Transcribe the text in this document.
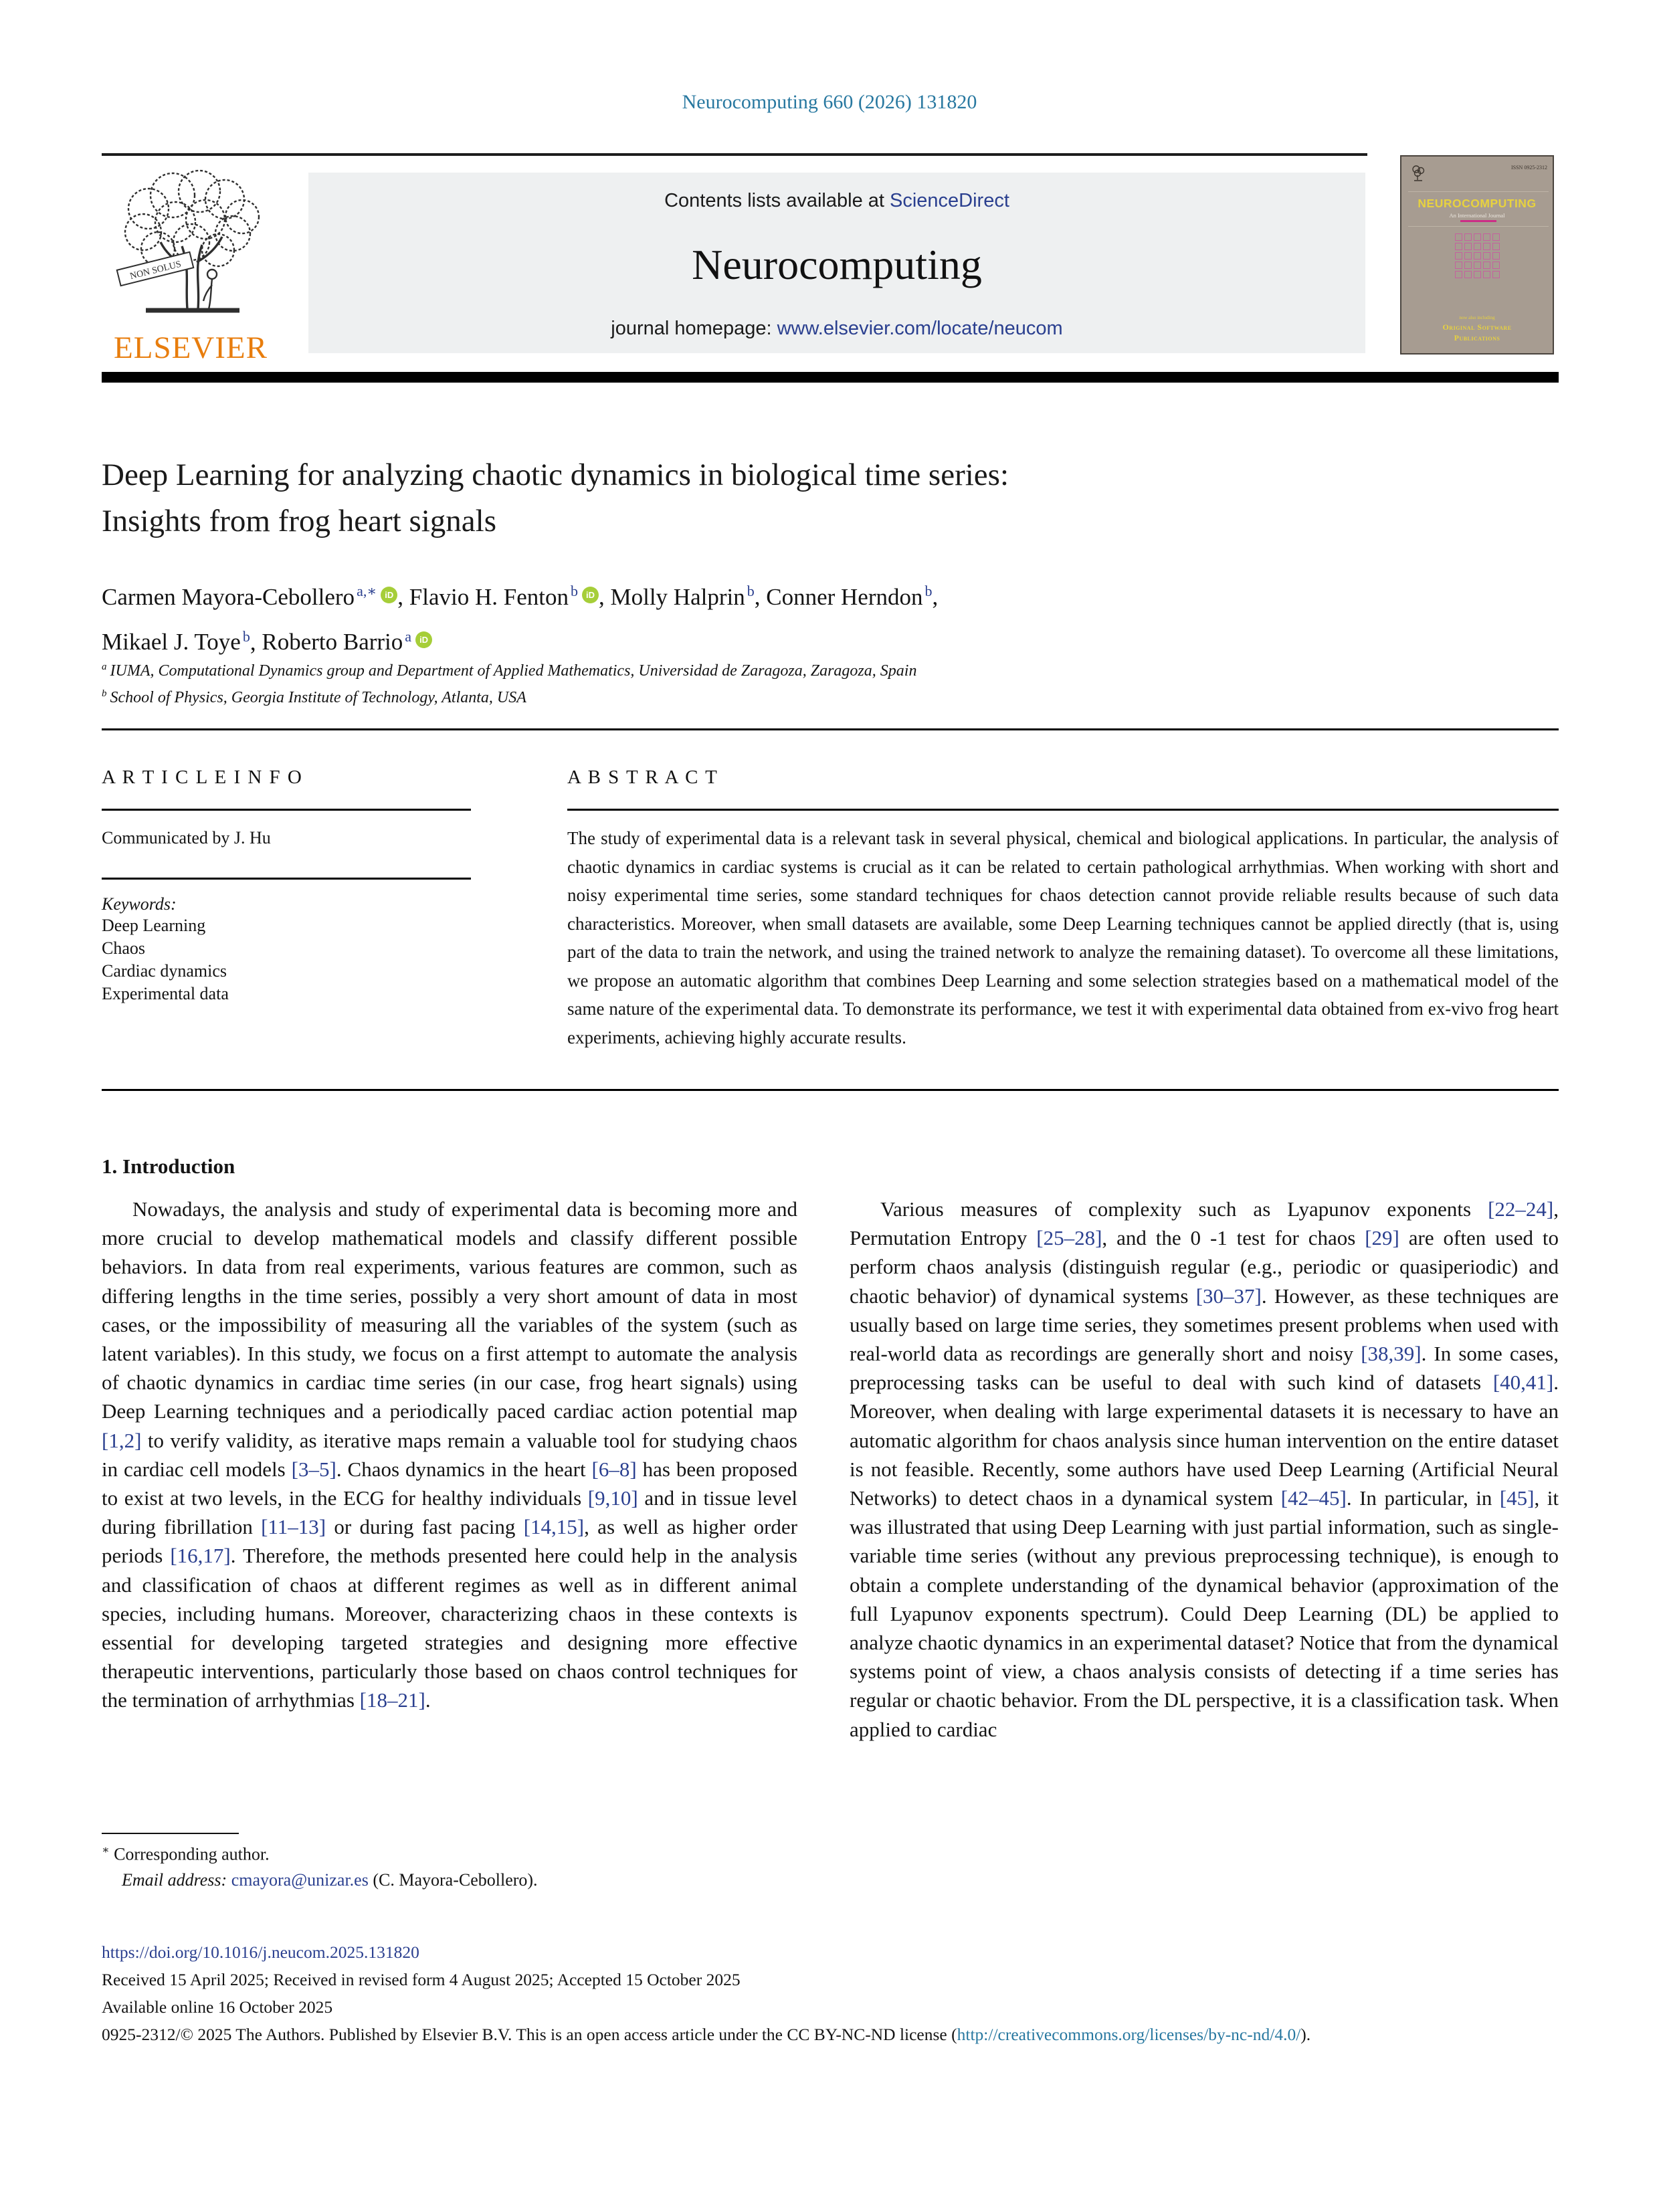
Neurocomputing 660 (2026) 131820
NON SOLUS
ELSEVIER
Contents lists available at ScienceDirect
Neurocomputing
journal homepage: www.elsevier.com/locate/neucom
ISSN 0925-2312
NEUROCOMPUTING
An International Journal
now also including
Original Software
Publications
Deep Learning for analyzing chaotic dynamics in biological time series:
Insights from frog heart signals
Carmen Mayora-Cebollero $^{a,∗}$ iD , Flavio H. Fenton $^b$ iD , Molly Halprin $^b$, Conner Herndon $^b$,
Mikael J. Toye $^b$, Roberto Barrio $^a$ iD
$^a$ IUMA, Computational Dynamics group and Department of Applied Mathematics, Universidad de Zaragoza, Zaragoza, Spain
$^b$ School of Physics, Georgia Institute of Technology, Atlanta, USA
A R T I C L E I N F O
Communicated by J. Hu
Keywords:
Deep Learning
Chaos
Cardiac dynamics
Experimental data
A B S T R A C T
The study of experimental data is a relevant task in several physical, chemical and biological applications. In particular, the analysis of chaotic dynamics in cardiac systems is crucial as it can be related to certain pathological arrhythmias. When working with short and noisy experimental time series, some standard techniques for chaos detection cannot provide reliable results because of such data characteristics. Moreover, when small datasets are available, some Deep Learning techniques cannot be applied directly (that is, using part of the data to train the network, and using the trained network to analyze the remaining dataset). To overcome all these limitations, we propose an automatic algorithm that combines Deep Learning and some selection strategies based on a mathematical model of the same nature of the experimental data. To demonstrate its performance, we test it with experimental data obtained from ex-vivo frog heart experiments, achieving highly accurate results.
1. Introduction
Nowadays, the analysis and study of experimental data is becoming more and more crucial to develop mathematical models and classify different possible behaviors. In data from real experiments, various features are common, such as differing lengths in the time series, possibly a very short amount of data in most cases, or the impossibility of measuring all the variables of the system (such as latent variables). In this study, we focus on a first attempt to automate the analysis of chaotic dynamics in cardiac time series (in our case, frog heart signals) using Deep Learning techniques and a periodically paced cardiac action potential map [1,2] to verify validity, as iterative maps remain a valuable tool for studying chaos in cardiac cell models [3–5]. Chaos dynamics in the heart [6–8] has been proposed to exist at two levels, in the ECG for healthy individuals [9,10] and in tissue level during fibrillation [11–13] or during fast pacing [14,15], as well as higher order periods [16,17]. Therefore, the methods presented here could help in the analysis and classification of chaos at different regimes as well as in different animal species, including humans. Moreover, characterizing chaos in these contexts is essential for developing targeted strategies and designing more effective therapeutic interventions, particularly those based on chaos control techniques for the termination of arrhythmias [18–21].
Various measures of complexity such as Lyapunov exponents [22–24], Permutation Entropy [25–28], and the 0 -1 test for chaos [29] are often used to perform chaos analysis (distinguish regular (e.g., periodic or quasiperiodic) and chaotic behavior) of dynamical systems [30–37]. However, as these techniques are usually based on large time series, they sometimes present problems when used with real-world data as recordings are generally short and noisy [38,39]. In some cases, preprocessing tasks can be useful to deal with such kind of datasets [40,41]. Moreover, when dealing with large experimental datasets it is necessary to have an automatic algorithm for chaos analysis since human intervention on the entire dataset is not feasible. Recently, some authors have used Deep Learning (Artificial Neural Networks) to detect chaos in a dynamical system [42–45]. In particular, in [45], it was illustrated that using Deep Learning with just partial information, such as single-variable time series (without any previous preprocessing technique), is enough to obtain a complete understanding of the dynamical behavior (approximation of the full Lyapunov exponents spectrum). Could Deep Learning (DL) be applied to analyze chaotic dynamics in an experimental dataset? Notice that from the dynamical systems point of view, a chaos analysis consists of detecting if a time series has regular or chaotic behavior. From the DL perspective, it is a classification task. When applied to cardiac
∗ Corresponding author.
Email address: cmayora@unizar.es (C. Mayora-Cebollero).
https://doi.org/10.1016/j.neucom.2025.131820
Received 15 April 2025; Received in revised form 4 August 2025; Accepted 15 October 2025
Available online 16 October 2025
0925-2312/© 2025 The Authors. Published by Elsevier B.V. This is an open access article under the CC BY-NC-ND license (http://creativecommons.org/licenses/by-nc-nd/4.0/).
